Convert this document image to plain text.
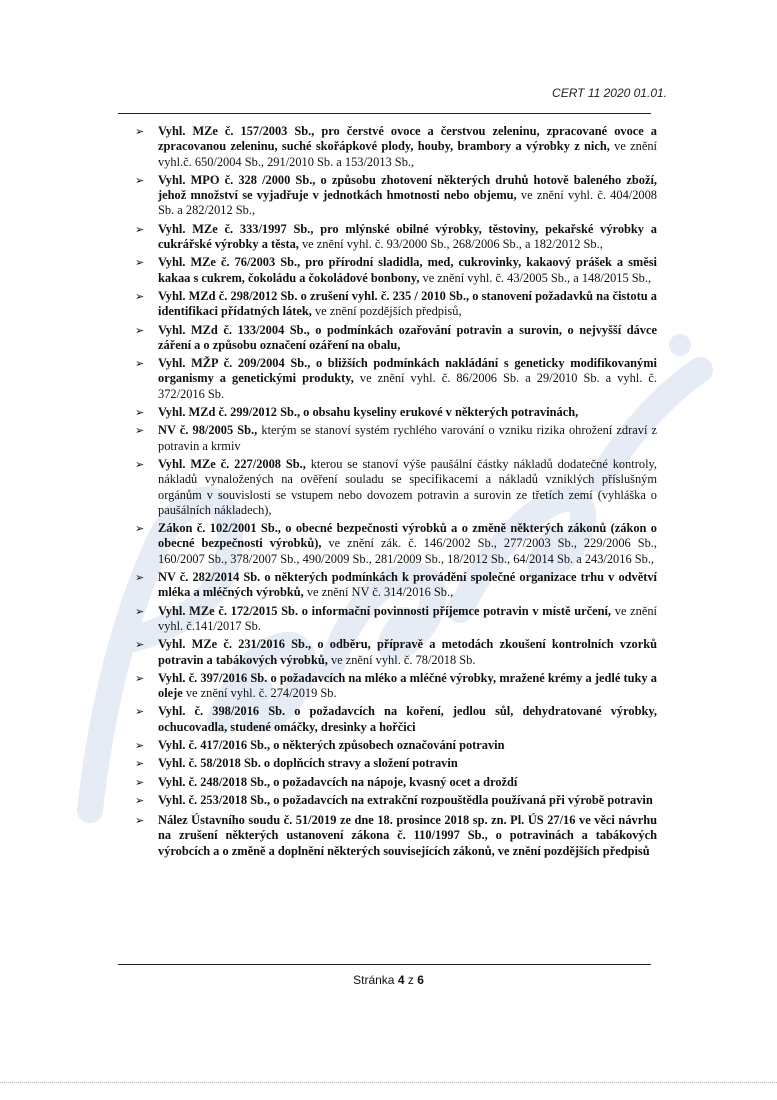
CERT 11 2020 01.01.
➢ Vyhl. MZe č. 157/2003 Sb., pro čerstvé ovoce a čerstvou zeleninu, zpracované ovoce a zpracovanou zeleninu, suché skořápkové plody, houby, brambory a výrobky z nich, ve znění vyhl.č. 650/2004 Sb., 291/2010 Sb. a 153/2013 Sb.,
➢ Vyhl. MPO č. 328 /2000 Sb., o způsobu zhotovení některých druhů hotově baleného zboží, jehož množství se vyjadřuje v jednotkách hmotnosti nebo objemu, ve znění vyhl. č. 404/2008 Sb. a 282/2012 Sb.,
➢ Vyhl. MZe č. 333/1997 Sb., pro mlýnské obilné výrobky, těstoviny, pekařské výrobky a cukrářské výrobky a těsta, ve znění vyhl. č. 93/2000 Sb., 268/2006 Sb., a 182/2012 Sb.,
➢ Vyhl. MZe č. 76/2003 Sb., pro přírodní sladidla, med, cukrovinky, kakaový prášek a směsi kakaa s cukrem, čokoládu a čokoládové bonbony, ve znění vyhl. č. 43/2005 Sb., a 148/2015 Sb.,
➢ Vyhl. MZd č. 298/2012 Sb. o zrušení vyhl. č. 235 / 2010 Sb., o stanovení požadavků na čistotu a identifikaci přídatných látek, ve znění pozdějších předpisů,
➢ Vyhl. MZd č. 133/2004 Sb., o podmínkách ozařování potravin a surovin, o nejvyšší dávce záření a o způsobu označení ozáření na obalu,
➢ Vyhl. MŽP č. 209/2004 Sb., o bližších podmínkách nakládání s geneticky modifikovanými organismy a genetickými produkty, ve znění vyhl. č. 86/2006 Sb. a 29/2010 Sb. a vyhl. č. 372/2016 Sb.
➢ Vyhl. MZd č. 299/2012 Sb., o obsahu kyseliny erukové v některých potravinách,
➢ NV č. 98/2005 Sb., kterým se stanoví systém rychlého varování o vzniku rizika ohrožení zdraví z potravin a krmiv
➢ Vyhl. MZe č. 227/2008 Sb., kterou se stanoví výše paušální částky nákladů dodatečné kontroly, nákladů vynaložených na ověření souladu se specifikacemi a nákladů vzniklých příslušným orgánům v souvislosti se vstupem nebo dovozem potravin a surovin ze třetích zemí (vyhláška o paušálních nákladech),
➢ Zákon č. 102/2001 Sb., o obecné bezpečnosti výrobků a o změně některých zákonů (zákon o obecné bezpečnosti výrobků), ve znění zák. č. 146/2002 Sb., 277/2003 Sb., 229/2006 Sb., 160/2007 Sb., 378/2007 Sb., 490/2009 Sb., 281/2009 Sb., 18/2012 Sb., 64/2014 Sb. a 243/2016 Sb.,
➢ NV č. 282/2014 Sb. o některých podmínkách k provádění společné organizace trhu v odvětví mléka a mléčných výrobků, ve znění NV č. 314/2016 Sb.,
➢ Vyhl. MZe č. 172/2015 Sb. o informační povinnosti příjemce potravin v místě určení, ve znění vyhl. č.141/2017 Sb.
➢ Vyhl. MZe č. 231/2016 Sb., o odběru, přípravě a metodách zkoušení kontrolních vzorků potravin a tabákových výrobků, ve znění vyhl. č. 78/2018 Sb.
➢ Vyhl. č. 397/2016 Sb. o požadavcích na mléko a mléčné výrobky, mražené krémy a jedlé tuky a oleje ve znění vyhl. č. 274/2019 Sb.
➢ Vyhl. č. 398/2016 Sb. o požadavcích na koření, jedlou sůl, dehydratované výrobky, ochucovadla, studené omáčky, dresinky a hořčici
➢ Vyhl. č. 417/2016 Sb., o některých způsobech označování potravin
➢ Vyhl. č. 58/2018 Sb. o doplňcích stravy a složení potravin
➢ Vyhl. č. 248/2018 Sb., o požadavcích na nápoje, kvasný ocet a droždí
➢ Vyhl. č. 253/2018 Sb., o požadavcích na extrakční rozpouštědla používaná při výrobě potravin
➢ Nález Ústavního soudu č. 51/2019 ze dne 18. prosince 2018 sp. zn. Pl. ÚS 27/16 ve věci návrhu na zrušení některých ustanovení zákona č. 110/1997 Sb., o potravinách a tabákových výrobcích a o změně a doplnění některých souvisejících zákonů, ve znění pozdějších předpisů
Stránka 4 z 6
